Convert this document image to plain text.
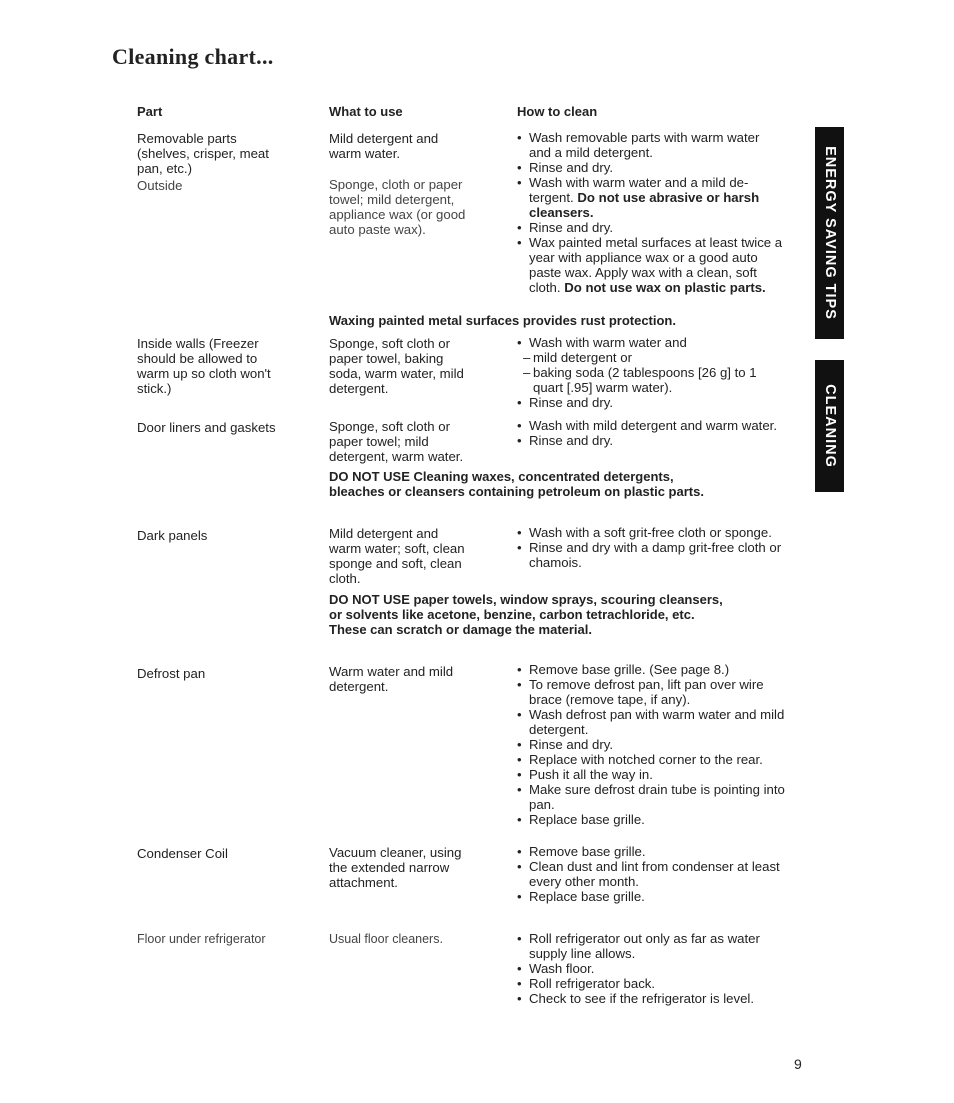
Cleaning chart...
Part	What to use	How to clean
Removable parts
(shelves, crisper, meat
pan, etc.)
Mild detergent and
warm water.
• Wash removable parts with warm water and a mild detergent.
• Rinse and dry.
Outside	Sponge, cloth or paper
towel; mild detergent,
appliance wax (or good
auto paste wax).
• Wash with warm water and a mild de-tergent. Do not use abrasive or harsh cleansers.
• Rinse and dry.
• Wax painted metal surfaces at least twice a year with appliance wax or a good auto paste wax. Apply wax with a clean, soft cloth. Do not use wax on plastic parts.
Waxing painted metal surfaces provides rust protection.
Inside walls (Freezer
should be allowed to
warm up so cloth won't
stick.)
Sponge, soft cloth or
paper towel, baking
soda, warm water, mild
detergent.
• Wash with warm water and
– mild detergent or
– baking soda (2 tablespoons [26 g] to 1 quart [.95] warm water).
• Rinse and dry.
Door liners and gaskets	Sponge, soft cloth or
paper towel; mild
detergent, warm water.
• Wash with mild detergent and warm water.
• Rinse and dry.
DO NOT USE Cleaning waxes, concentrated detergents,
bleaches or cleansers containing petroleum on plastic parts.
Dark panels	Mild detergent and
warm water; soft, clean
sponge and soft, clean
cloth.
• Wash with a soft grit-free cloth or sponge.
• Rinse and dry with a damp grit-free cloth or chamois.
DO NOT USE paper towels, window sprays, scouring cleansers,
or solvents like acetone, benzine, carbon tetrachloride, etc.
These can scratch or damage the material.
Defrost pan	Warm water and mild
detergent.
• Remove base grille. (See page 8.)
• To remove defrost pan, lift pan over wire brace (remove tape, if any).
• Wash defrost pan with warm water and mild detergent.
• Rinse and dry.
• Replace with notched corner to the rear.
• Push it all the way in.
• Make sure defrost drain tube is pointing into pan.
• Replace base grille.
Condenser Coil	Vacuum cleaner, using
the extended narrow
attachment.
• Remove base grille.
• Clean dust and lint from condenser at least every other month.
• Replace base grille.
Floor under refrigerator	Usual floor cleaners.
•	Roll refrigerator out only as far as water supply line allows.
• Wash floor.
• Roll refrigerator back.
• Check to see if the refrigerator is level.
ENERGY SAVING TIPS
CLEANING
9
